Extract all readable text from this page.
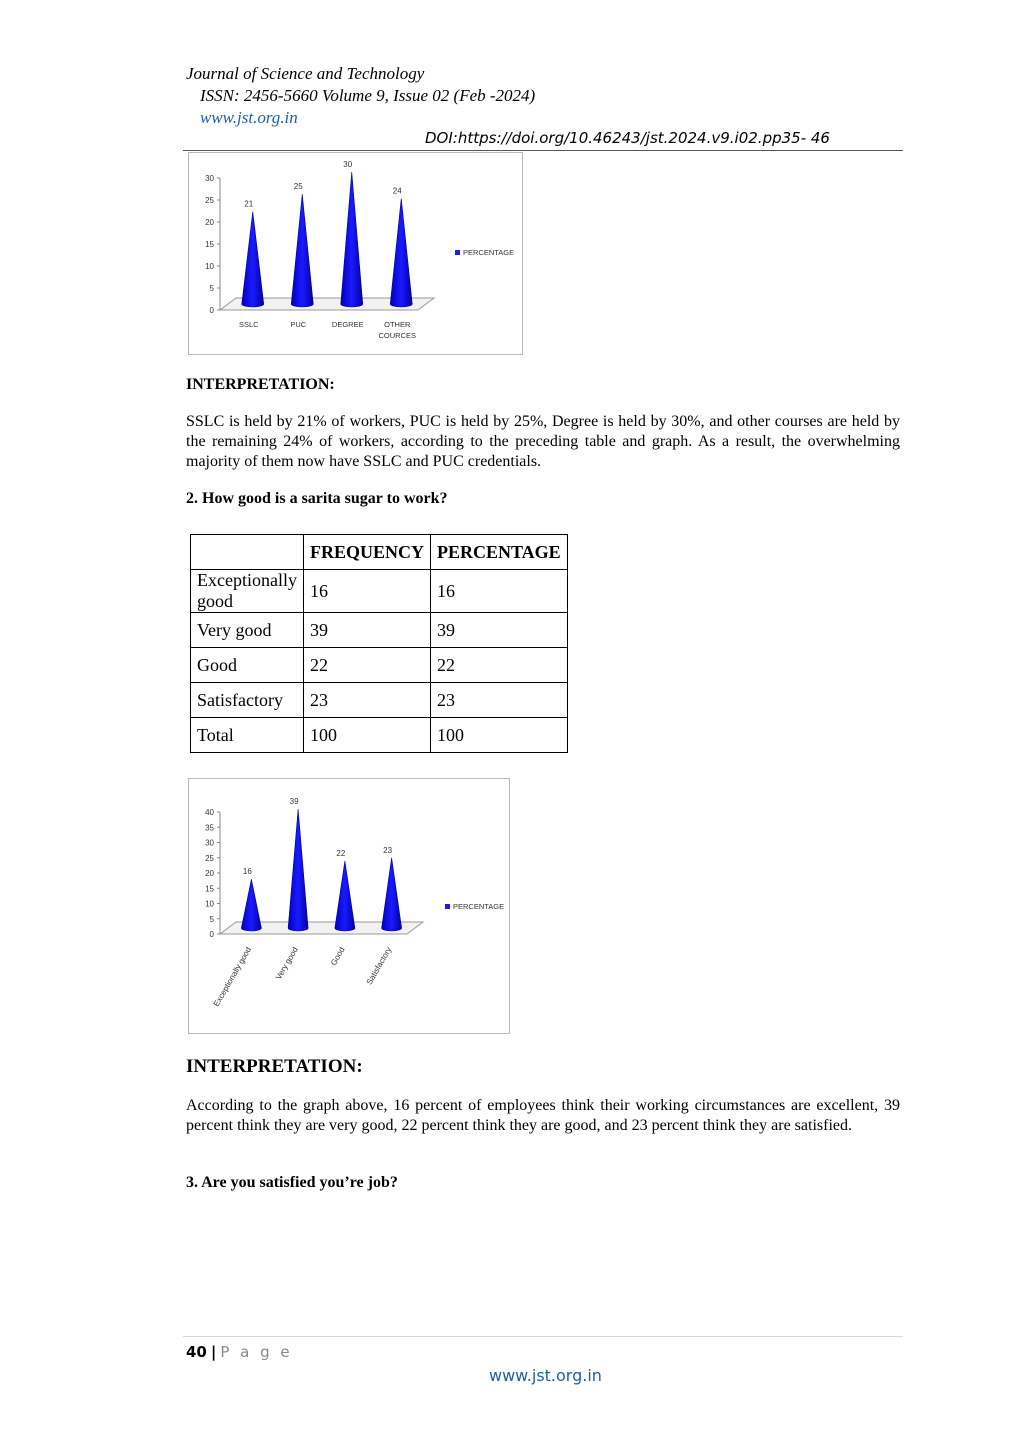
Journal of Science and Technology
ISSN: 2456-5660 Volume 9, Issue 02 (Feb -2024)
www.jst.org.in
DOI:https://doi.org/10.46243/jst.2024.v9.i02.pp35- 46
0
5
10
15
20
25
30
21
SSLC
25
PUC
30
DEGREE
24
OTHER
COURCES
PERCENTAGE
INTERPRETATION:
SSLC is held by 21% of workers, PUC is held by 25%, Degree is held by 30%, and other courses are held by the remaining 24% of workers, according to the preceding table and graph. As a result, the overwhelming majority of them now have SSLC and PUC credentials.
2. How good is a sarita sugar to work?
	FREQUENCY	PERCENTAGE
Exceptionally good	16	16
Very good	39	39
Good	22	22
Satisfactory	23	23
Total	100	100
0
5
10
15
20
25
30
35
40
16
Exceptionally good
39
Very good
22
Good
23
Satisfactory
PERCENTAGE
INTERPRETATION:
According to the graph above, 16 percent of employees think their working circumstances are excellent, 39 percent think they are very good, 22 percent think they are good, and 23 percent think they are satisfied.
3. Are you satisfied you’re job?
40 | P a g e
www.jst.org.in
